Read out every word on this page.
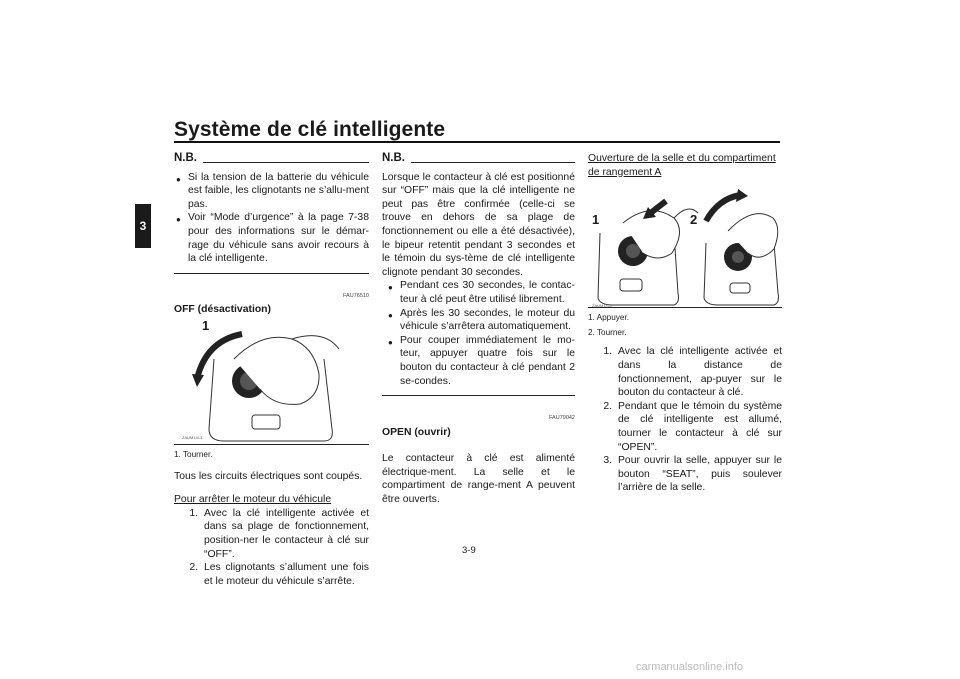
Système de clé intelligente
3
N.B.
● Si la tension de la batterie du véhicule est faible, les clignotants ne s’allu-ment pas.
● Voir “Mode d’urgence” à la page 7-38 pour des informations sur le démar-rage du véhicule sans avoir recours à la clé intelligente.
FAU76510
OFF (désactivation)
1
ZAUM1413
1. Tourner.

Tous les circuits électriques sont coupés.

Pour arrêter le moteur du véhicule
1. Avec la clé intelligente activée et dans sa plage de fonctionnement, position-ner le contacteur à clé sur “OFF”.
2. Les clignotants s’allument une fois et le moteur du véhicule s’arrête.
N.B.

Lorsque le contacteur à clé est positionné sur “OFF” mais que la clé intelligente ne peut pas être confirmée (celle-ci se trouve en dehors de sa plage de fonctionnement ou elle a été désactivée), le bipeur retentit pendant 3 secondes et le témoin du sys-tème de clé intelligente clignote pendant 30 secondes.

● Pendant ces 30 secondes, le contac-teur à clé peut être utilisé librement.
● Après les 30 secondes, le moteur du véhicule s’arrêtera automatiquement.
● Pour couper immédiatement le mo-teur, appuyer quatre fois sur le bouton du contacteur à clé pendant 2 se-condes.
FAU79042
OPEN (ouvrir)

Le contacteur à clé est alimenté électrique-ment. La selle et le compartiment de range-ment A peuvent être ouverts.

Ouverture de la selle et du compartiment de rangement A
1	2
ZAUM1411
1. Appuyer.
2. Tourner.
1. Avec la clé intelligente activée et dans la distance de fonctionnement, ap-puyer sur le bouton du contacteur à clé.
2. Pendant que le témoin du système de clé intelligente est allumé, tourner le contacteur à clé sur “OPEN”.
3. Pour ouvrir la selle, appuyer sur le bouton “SEAT”, puis soulever l’arrière de la selle.
3-9
carmanualsonline.info
